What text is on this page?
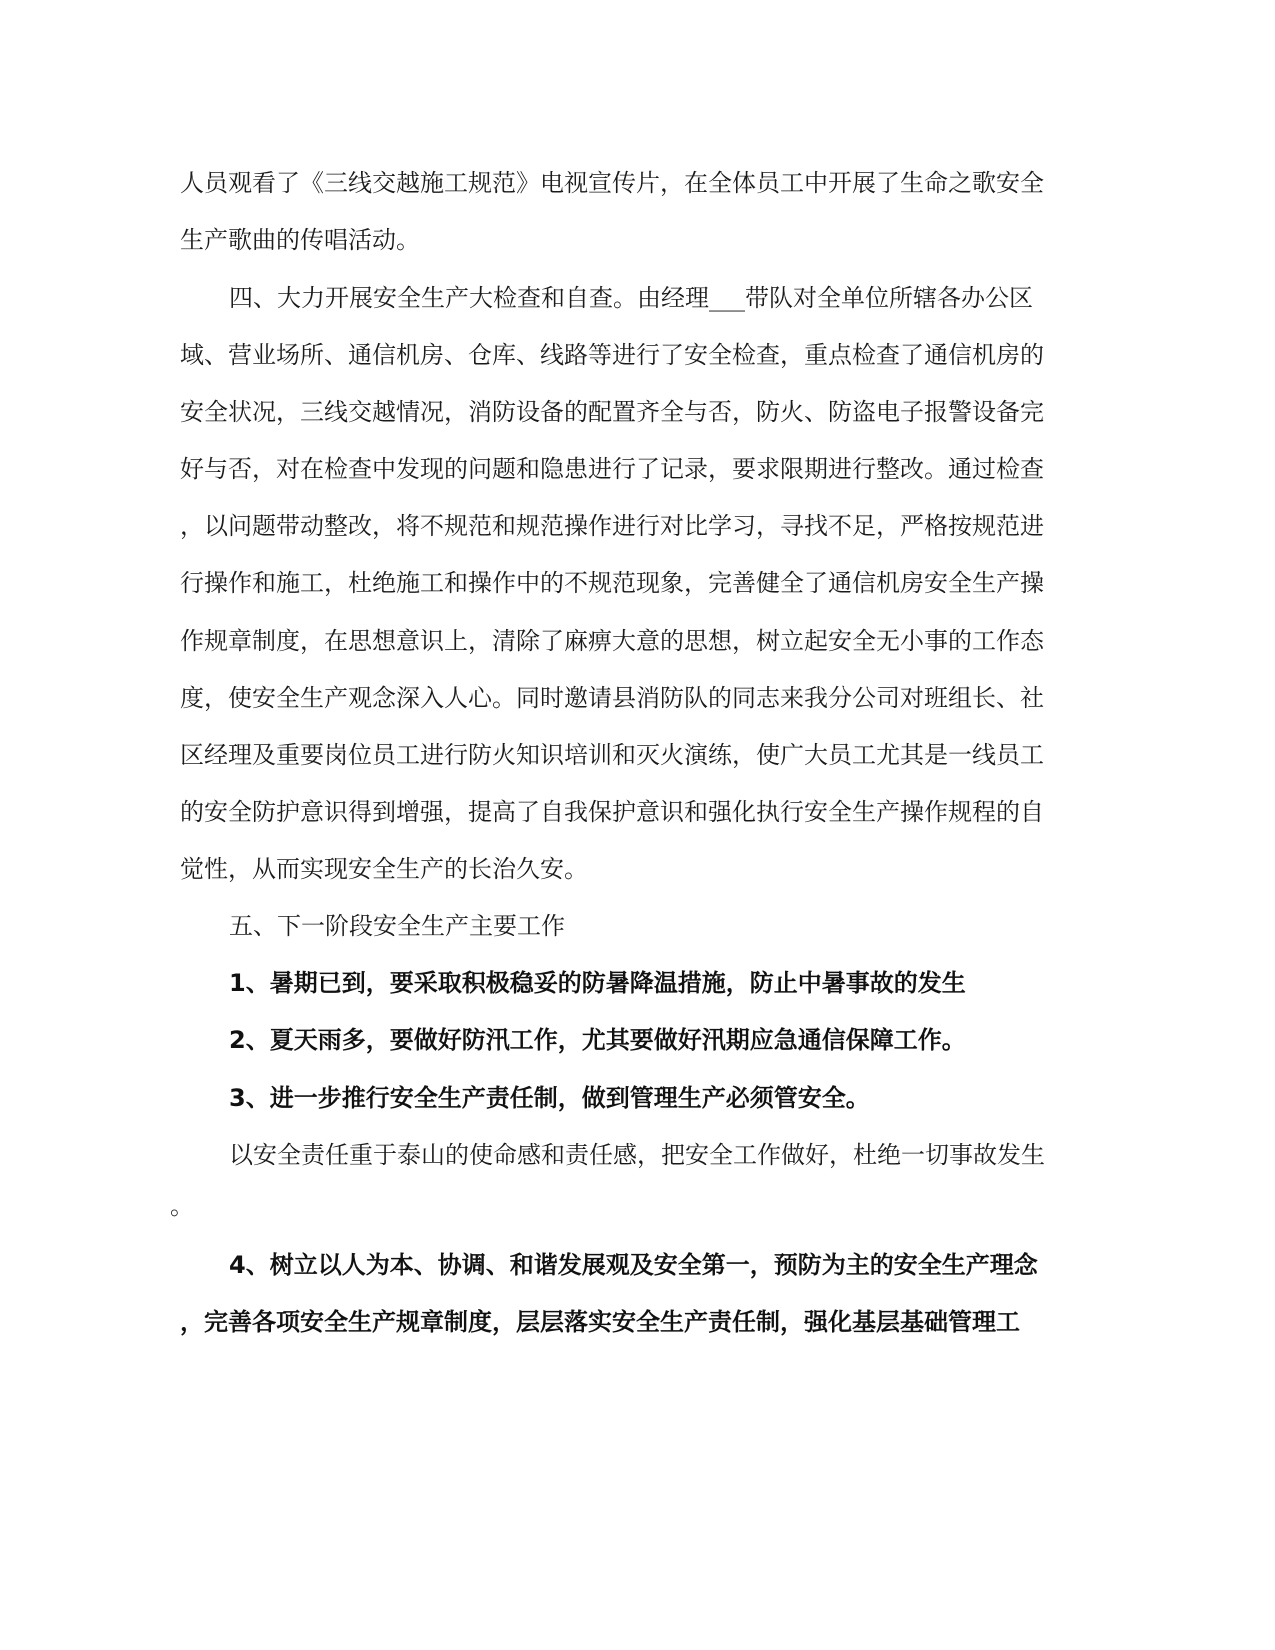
人员观看了《三线交越施工规范》电视宣传片，在全体员工中开展了生命之歌安全
生产歌曲的传唱活动。
四、大力开展安全生产大检查和自查。由经理___带队对全单位所辖各办公区
域、营业场所、通信机房、仓库、线路等进行了安全检查，重点检查了通信机房的
安全状况，三线交越情况，消防设备的配置齐全与否，防火、防盗电子报警设备完
好与否，对在检查中发现的问题和隐患进行了记录，要求限期进行整改。通过检查
，以问题带动整改，将不规范和规范操作进行对比学习，寻找不足，严格按规范进
行操作和施工，杜绝施工和操作中的不规范现象，完善健全了通信机房安全生产操
作规章制度，在思想意识上，清除了麻痹大意的思想，树立起安全无小事的工作态
度，使安全生产观念深入人心。同时邀请县消防队的同志来我分公司对班组长、社
区经理及重要岗位员工进行防火知识培训和灭火演练，使广大员工尤其是一线员工
的安全防护意识得到增强，提高了自我保护意识和强化执行安全生产操作规程的自
觉性，从而实现安全生产的长治久安。
五、下一阶段安全生产主要工作
1、暑期已到，要采取积极稳妥的防暑降温措施，防止中暑事故的发生
2、夏天雨多，要做好防汛工作，尤其要做好汛期应急通信保障工作。
3、进一步推行安全生产责任制，做到管理生产必须管安全。
以安全责任重于泰山的使命感和责任感，把安全工作做好，杜绝一切事故发生
。
4、树立以人为本、协调、和谐发展观及安全第一，预防为主的安全生产理念
，完善各项安全生产规章制度，层层落实安全生产责任制，强化基层基础管理工
